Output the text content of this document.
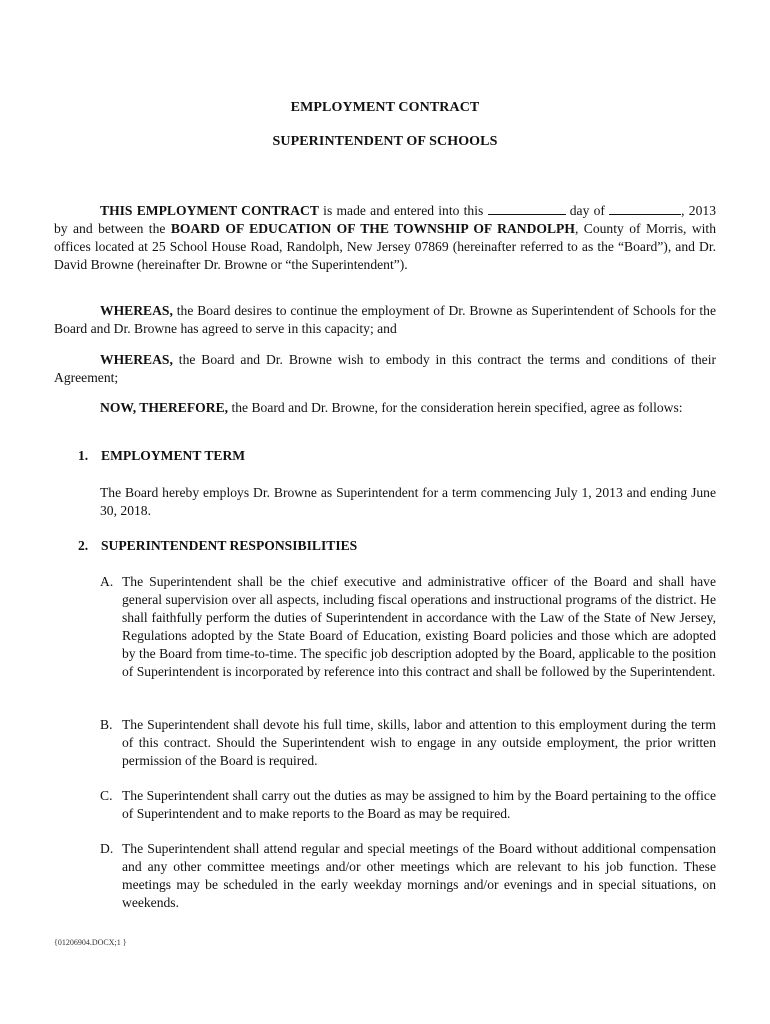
EMPLOYMENT CONTRACT
SUPERINTENDENT OF SCHOOLS

THIS EMPLOYMENT CONTRACT is made and entered into this	day of	, 2013 by and between the BOARD OF EDUCATION OF THE TOWNSHIP OF RANDOLPH, County of Morris, with offices located at 25 School House Road, Randolph, New Jersey 07869 (hereinafter referred to as the “Board”), and Dr. David Browne (hereinafter Dr. Browne or “the Superintendent”).

WHEREAS, the Board desires to continue the employment of Dr. Browne as Superintendent of Schools for the Board and Dr. Browne has agreed to serve in this capacity; and

WHEREAS, the Board and Dr. Browne wish to embody in this contract the terms and conditions of their Agreement;

NOW, THEREFORE, the Board and Dr. Browne, for the consideration herein specified, agree as follows:

1. EMPLOYMENT TERM

The Board hereby employs Dr. Browne as Superintendent for a term commencing July 1, 2013 and ending June 30, 2018.

2. SUPERINTENDENT RESPONSIBILITIES
A. The Superintendent shall be the chief executive and administrative officer of the Board and shall have general supervision over all aspects, including fiscal operations and instructional programs of the district. He shall faithfully perform the duties of Superintendent in accordance with the Law of the State of New Jersey, Regulations adopted by the State Board of Education, existing Board policies and those which are adopted by the Board from time-to-time. The specific job description adopted by the Board, applicable to the position of Superintendent is incorporated by reference into this contract and shall be followed by the Superintendent.
B. The Superintendent shall devote his full time, skills, labor and attention to this employment during the term of this contract. Should the Superintendent wish to engage in any outside employment, the prior written permission of the Board is required.
C. The Superintendent shall carry out the duties as may be assigned to him by the Board pertaining to the office of Superintendent and to make reports to the Board as may be required.
D. The Superintendent shall attend regular and special meetings of the Board without additional compensation and any other committee meetings and/or other meetings which are relevant to his job function. These meetings may be scheduled in the early weekday mornings and/or evenings and in special situations, on weekends.
{01206904.DOCX;1 }
